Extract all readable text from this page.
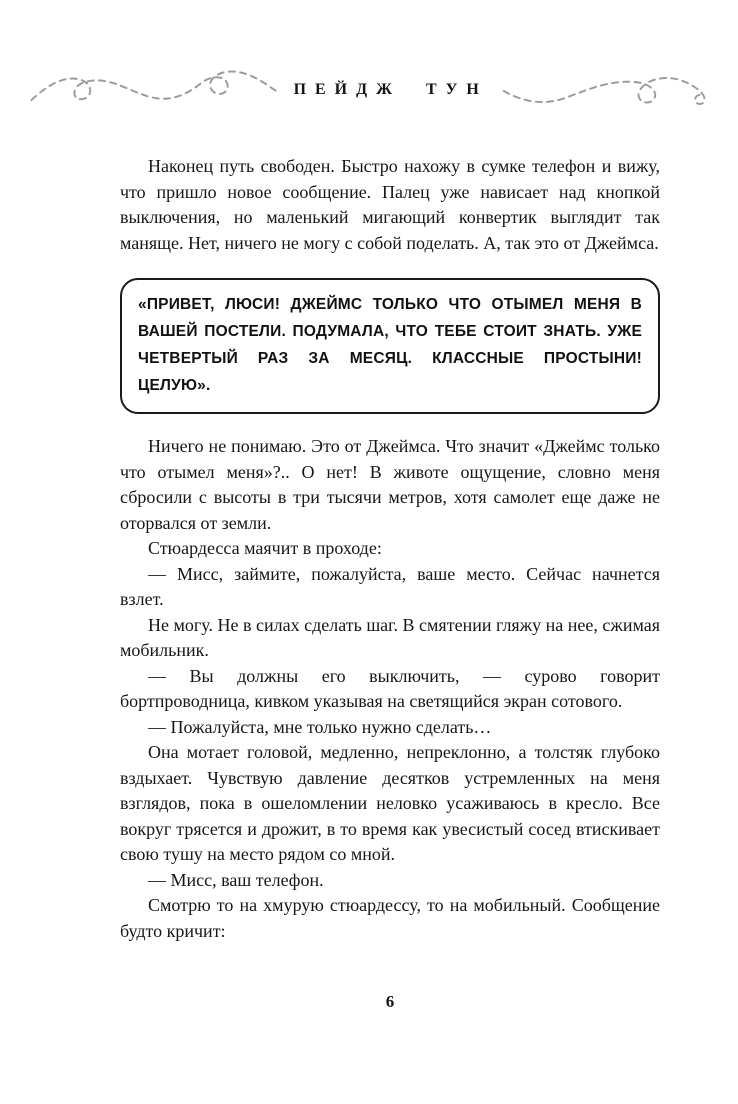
ПЕЙДЖ ТУН

Наконец путь свободен. Быстро нахожу в сумке телефон и вижу, что пришло новое сообщение. Палец уже нависает над кнопкой выключения, но маленький мигающий конвертик выглядит так маняще. Нет, ничего не могу с собой поделать. А, так это от Джеймса.

«ПРИВЕТ, ЛЮСИ! ДЖЕЙМС ТОЛЬКО ЧТО ОТЫМЕЛ МЕНЯ В ВАШЕЙ ПОСТЕЛИ. ПОДУМАЛА, ЧТО ТЕБЕ СТОИТ ЗНАТЬ. УЖЕ ЧЕТВЕРТЫЙ РАЗ ЗА МЕСЯЦ. КЛАССНЫЕ ПРОСТЫНИ! ЦЕЛУЮ».

Ничего не понимаю. Это от Джеймса. Что значит «Джеймс только что отымел меня»?.. О нет! В животе ощущение, словно меня сбросили с высоты в три тысячи метров, хотя самолет еще даже не оторвался от земли.

Стюардесса маячит в проходе:

— Мисс, займите, пожалуйста, ваше место. Сейчас начнется взлет.

Не могу. Не в силах сделать шаг. В смятении гляжу на нее, сжимая мобильник.

— Вы должны его выключить, — сурово говорит бортпроводница, кивком указывая на светящийся экран сотового.

— Пожалуйста, мне только нужно сделать…

Она мотает головой, медленно, непреклонно, а толстяк глубоко вздыхает. Чувствую давление десятков устремленных на меня взглядов, пока в ошеломлении неловко усаживаюсь в кресло. Все вокруг трясется и дрожит, в то время как увесистый сосед втискивает свою тушу на место рядом со мной.

— Мисс, ваш телефон.

Смотрю то на хмурую стюардессу, то на мобильный. Сообщение будто кричит:

6
